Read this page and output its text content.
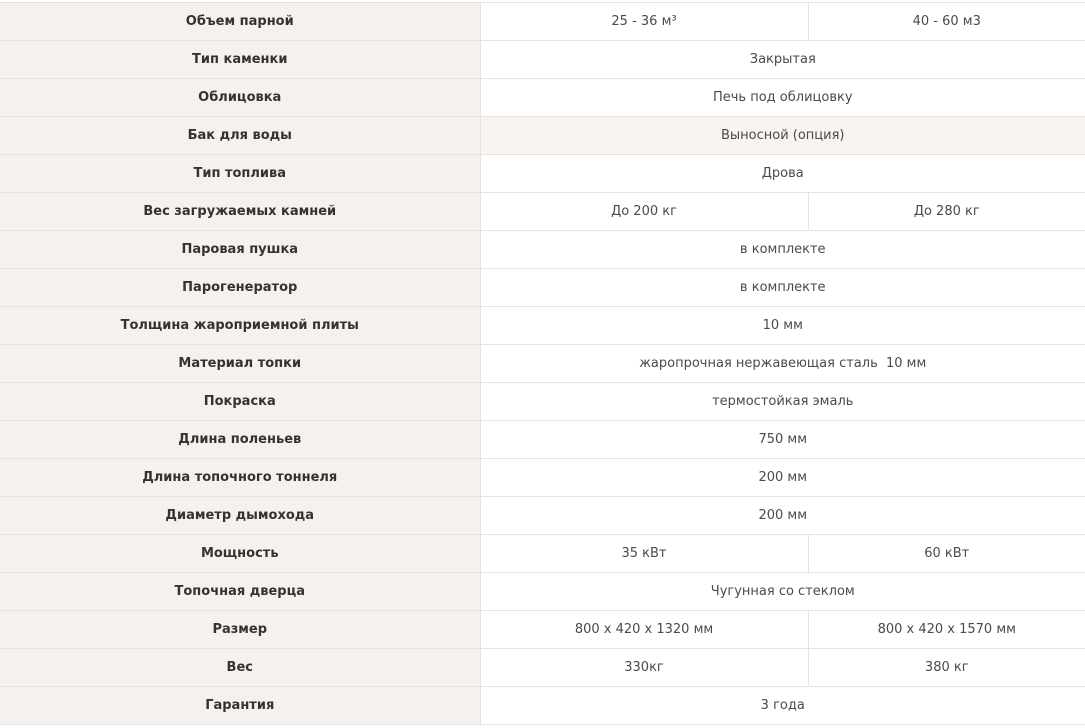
Объем парной	25 - 36 м³	40 - 60 м3
Тип каменки	Закрытая	
Облицовка	Печь под облицовку	
Бак для воды	Выносной (опция)	
Тип топлива	Дрова	
Вес загружаемых камней	До 200 кг	До 280 кг
Паровая пушка	в комплекте	
Парогенератор	в комплекте	
Толщина жароприемной плиты	10 мм	
Материал топки	жаропрочная нержавеющая сталь  10 мм	
Покраска	термостойкая эмаль	
Длина поленьев	750 мм	
Длина топочного тоннеля	200 мм	
Диаметр дымохода	200 мм	
Мощность	35 кВт	60 кВт
Топочная дверца	Чугунная со стеклом	
Размер	800 х 420 х 1320 мм	800 х 420 х 1570 мм
Вес	330кг	380 кг
Гарантия	3 года	
